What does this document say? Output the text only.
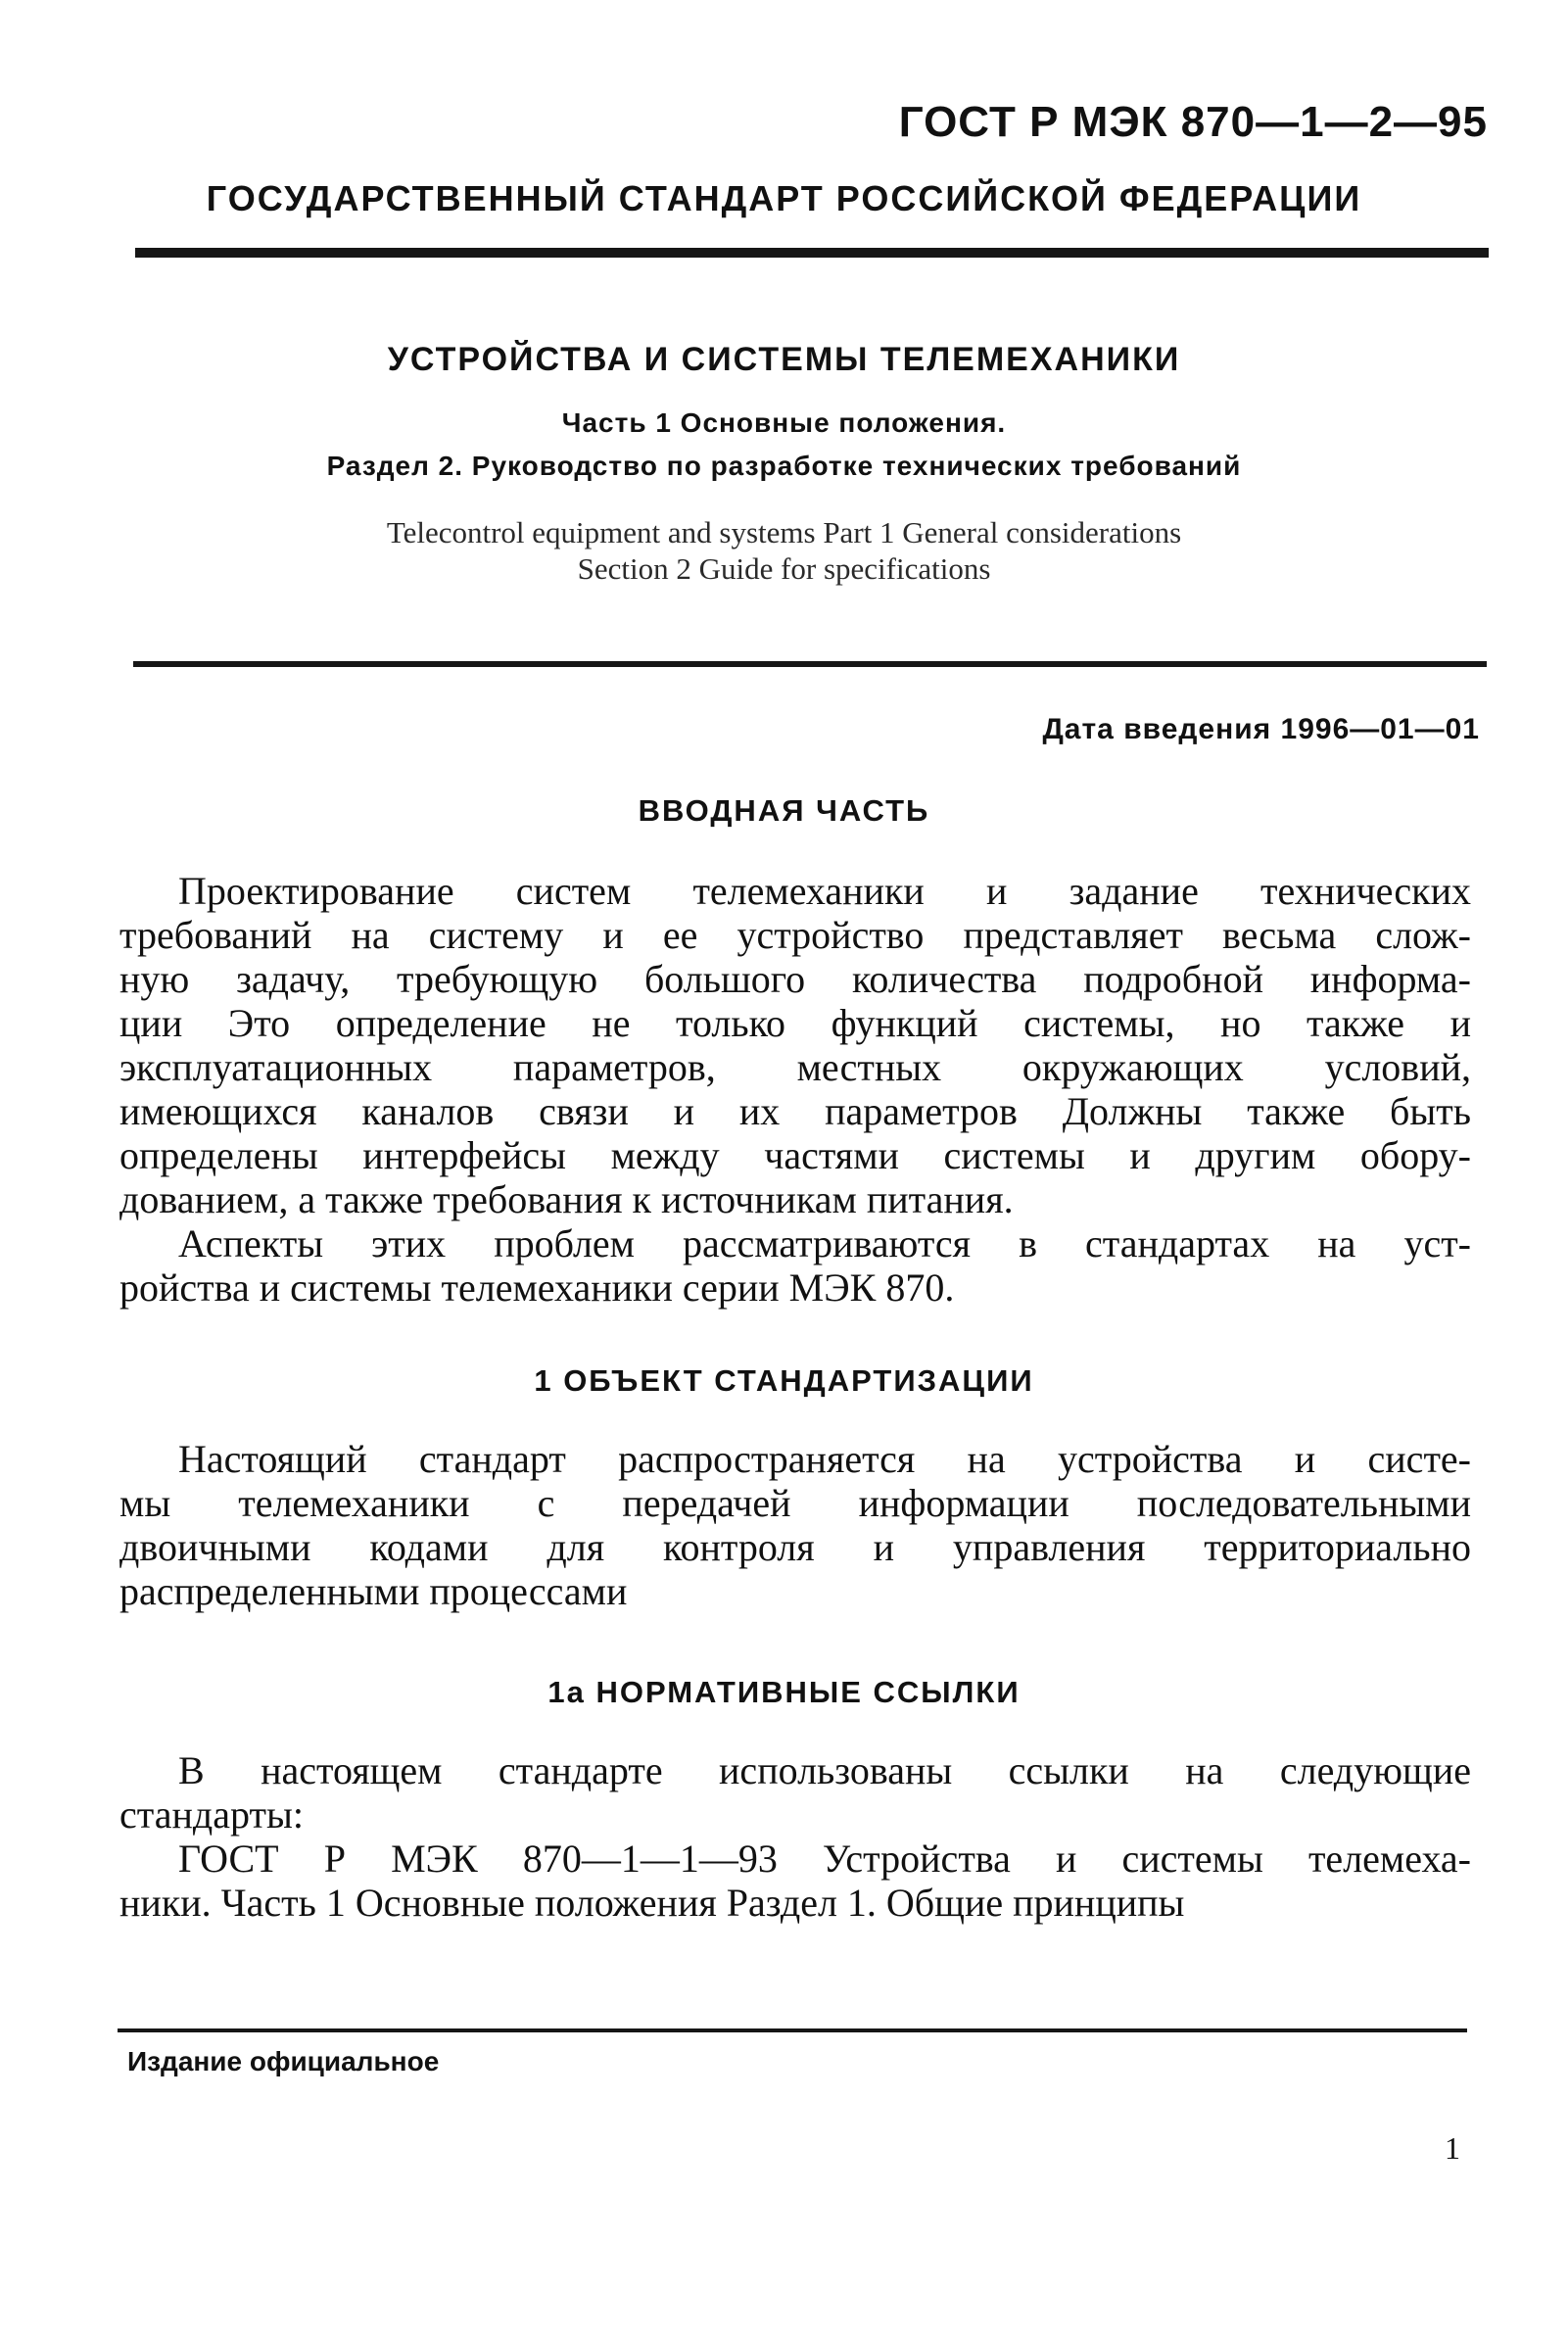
ГОСТ Р МЭК 870—1—2—95
ГОСУДАРСТВЕННЫЙ СТАНДАРТ РОССИЙСКОЙ ФЕДЕРАЦИИ
УСТРОЙСТВА И СИСТЕМЫ ТЕЛЕМЕХАНИКИ
Часть 1 Основные положения.
Раздел 2. Руководство по разработке технических требований
Telecontrol equipment and systems Part 1 General considerations
Section 2 Guide for specifications
Дата введения 1996—01—01
ВВОДНАЯ ЧАСТЬ
Проектирование систем телемеханики и задание технических
требований на систему и ее устройство представляет весьма слож-
ную задачу, требующую большого количества подробной информа-
ции Это определение не только функций системы, но также и
эксплуатационных параметров, местных окружающих условий,
имеющихся каналов связи и их параметров Должны также быть
определены интерфейсы между частями системы и другим обору-
дованием, а также требования к источникам питания.
Аспекты этих проблем рассматриваются в стандартах на уст-
ройства и системы телемеханики серии МЭК 870.
1 ОБЪЕКТ СТАНДАРТИЗАЦИИ
Настоящий стандарт распространяется на устройства и систе-
мы телемеханики с передачей информации последовательными
двоичными кодами для контроля и управления территориально
распределенными процессами
1а НОРМАТИВНЫЕ ССЫЛКИ
В настоящем стандарте использованы ссылки на следующие
стандарты:
ГОСТ Р МЭК 870—1—1—93 Устройства и системы телемеха-
ники. Часть 1 Основные положения Раздел 1. Общие принципы
Издание официальное
1
